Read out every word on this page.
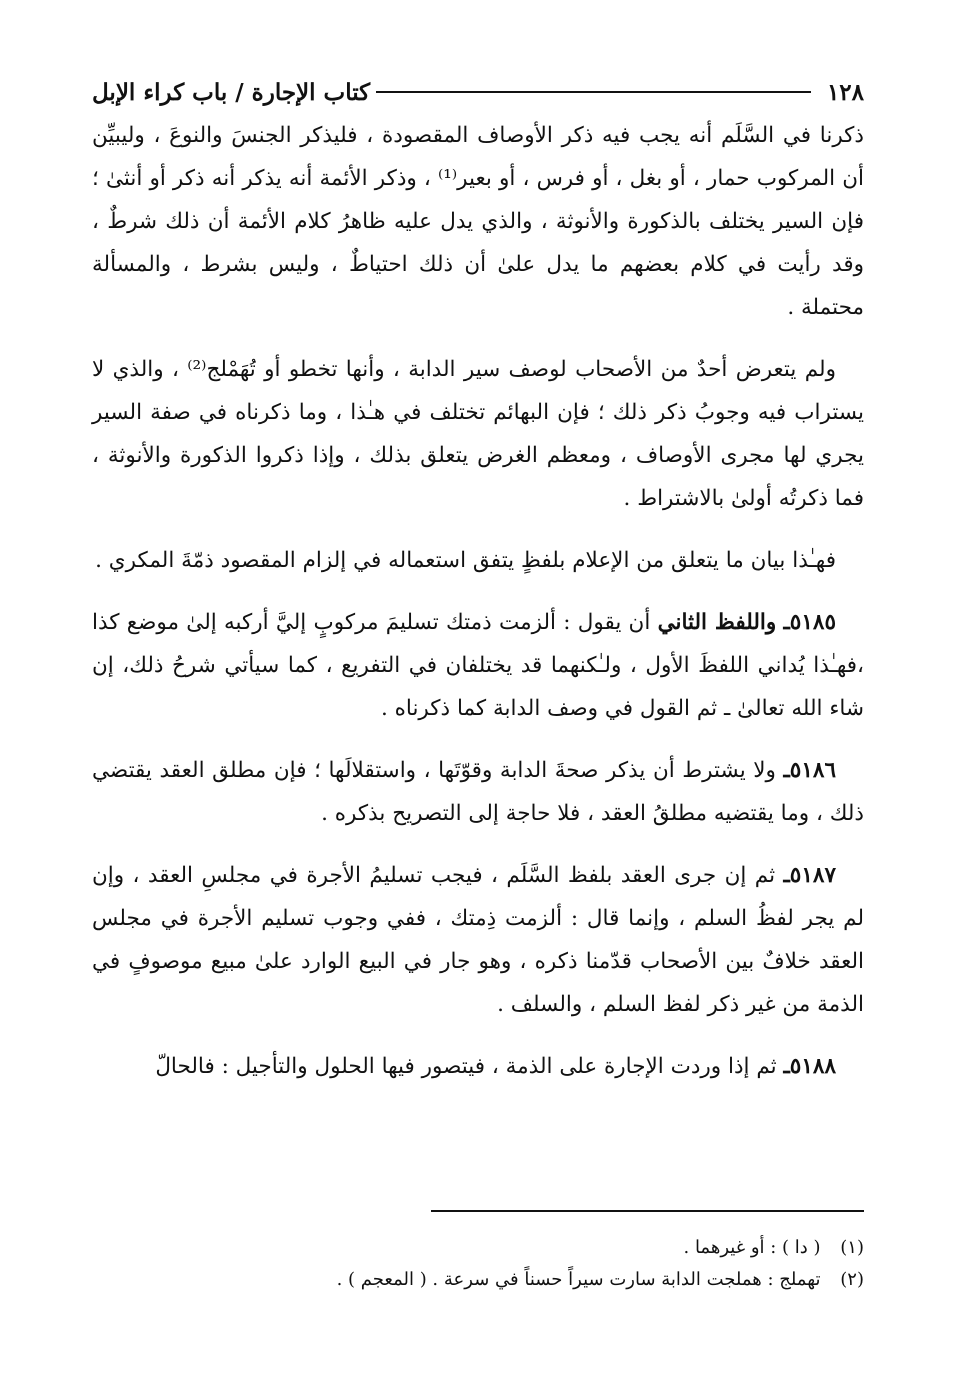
١٢٨
كتاب الإجارة / باب كراء الإبل

ذكرنا في السَّلَم أنه يجب فيه ذكر الأوصاف المقصودة ، فليذكر الجنسَ والنوعَ ، وليبيِّن أن المركوب حمار ، أو بغل ، أو فرس ، أو بعير⁽¹⁾ ، وذكر الأئمة أنه يذكر أنه ذكر أو أنثىٰ ؛ فإن السير يختلف بالذكورة والأنوثة ، والذي يدل عليه ظاهرُ كلام الأئمة أن ذلك شرطٌ ، وقد رأيت في كلام بعضهم ما يدل علىٰ أن ذلك احتياطٌ ، وليس بشرط ، والمسألة محتملة .

ولم يتعرض أحدٌ من الأصحاب لوصف سير الدابة ، وأنها تخطو أو تُهَمْلج⁽²⁾ ، والذي لا يستراب فيه وجوبُ ذكر ذلك ؛ فإن البهائم تختلف في هـٰذا ، وما ذكرناه في صفة السير يجري لها مجرى الأوصاف ، ومعظم الغرض يتعلق بذلك ، وإذا ذكروا الذكورة والأنوثة ، فما ذكرتُه أولىٰ بالاشتراط .

فهـٰذا بيان ما يتعلق من الإعلام بلفظٍ يتفق استعماله في إلزام المقصود ذمّةَ المكري .

٥١٨٥ـ واللفظ الثاني أن يقول : ألزمت ذمتك تسليمَ مركوبٍ إليَّ أركبه إلىٰ موضع كذا ،فهـٰذا يُداني اللفظَ الأول ، ولـٰكنهما قد يختلفان في التفريع ، كما سيأتي شرحُ ذلك، إن شاء الله تعالىٰ ـ ثم القول في وصف الدابة كما ذكرناه .

٥١٨٦ـ ولا يشترط أن يذكر صحةَ الدابة وقوّتَها ، واستقلالَها ؛ فإن مطلق العقد يقتضي ذلك ، وما يقتضيه مطلقُ العقد ، فلا حاجة إلى التصريح بذكره .

٥١٨٧ـ ثم إن جرى العقد بلفظ السَّلَم ، فيجب تسليمُ الأجرة في مجلسِ العقد ، وإن لم يجر لفظُ السلم ، وإنما قال : ألزمت ذِمتك ، ففي وجوب تسليم الأجرة في مجلس العقد خلافٌ بين الأصحاب قدّمنا ذكره ، وهو جار في البيع الوارد علىٰ مبيع موصوفٍ في الذمة من غير ذكر لفظ السلم ، والسلف .

٥١٨٨ـ ثم إذا وردت الإجارة على الذمة ، فيتصور فيها الحلول والتأجيل : فالحالّ

(١) ( دا ) : أو غيرهما .
(٢) تهملج : هملجت الدابة سارت سيراً حسناً في سرعة . ( المعجم ) .
